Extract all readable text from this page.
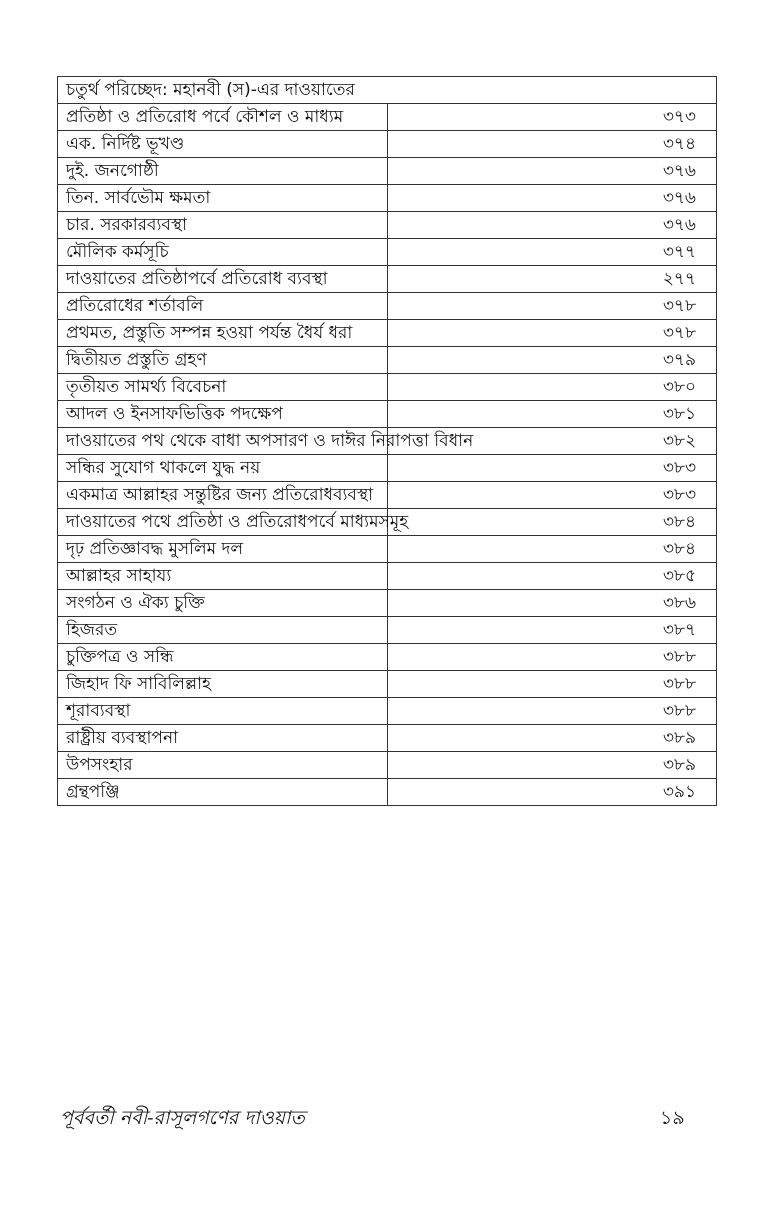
চতুর্থ পরিচ্ছেদ: মহানবী (স)-এর দাওয়াতের	
প্রতিষ্ঠা ও প্রতিরোধ পর্বে কৌশল ও মাধ্যম	৩৭৩
এক. নির্দিষ্ট ভূখণ্ড	৩৭৪
দুই. জনগোষ্ঠী	৩৭৬
তিন. সার্বভৌম ক্ষমতা	৩৭৬
চার. সরকারব্যবস্থা	৩৭৬
মৌলিক কর্মসূচি	৩৭৭
দাওয়াতের প্রতিষ্ঠাপর্বে প্রতিরোধ ব্যবস্থা	২৭৭
প্রতিরোধের শর্তাবলি	৩৭৮
প্রথমত, প্রস্তুতি সম্পন্ন হওয়া পর্যন্ত ধৈর্য ধরা	৩৭৮
দ্বিতীয়ত প্রস্তুতি গ্রহণ	৩৭৯
তৃতীয়ত সামর্থ্য বিবেচনা	৩৮০
আদল ও ইনসাফভিত্তিক পদক্ষেপ	৩৮১
দাওয়াতের পথ থেকে বাধা অপসারণ ও দাঈর নিরাপত্তা বিধান	৩৮২
সন্ধির সুযোগ থাকলে যুদ্ধ নয়	৩৮৩
একমাত্র আল্লাহর সন্তুষ্টির জন্য প্রতিরোধব্যবস্থা	৩৮৩
দাওয়াতের পথে প্রতিষ্ঠা ও প্রতিরোধপর্বে মাধ্যমসমূহ	৩৮৪
দৃঢ় প্রতিজ্ঞাবদ্ধ মুসলিম দল	৩৮৪
আল্লাহর সাহায্য	৩৮৫
সংগঠন ও ঐক্য চুক্তি	৩৮৬
হিজরত	৩৮৭
চুক্তিপত্র ও সন্ধি	৩৮৮
জিহাদ ফি সাবিলিল্লাহ	৩৮৮
শূরাব্যবস্থা	৩৮৮
রাষ্ট্রীয় ব্যবস্থাপনা	৩৮৯
উপসংহার	৩৮৯
গ্রন্থপঞ্জি	৩৯১
পূর্ববর্তী নবী-রাসূলগণের দাওয়াত	১৯
